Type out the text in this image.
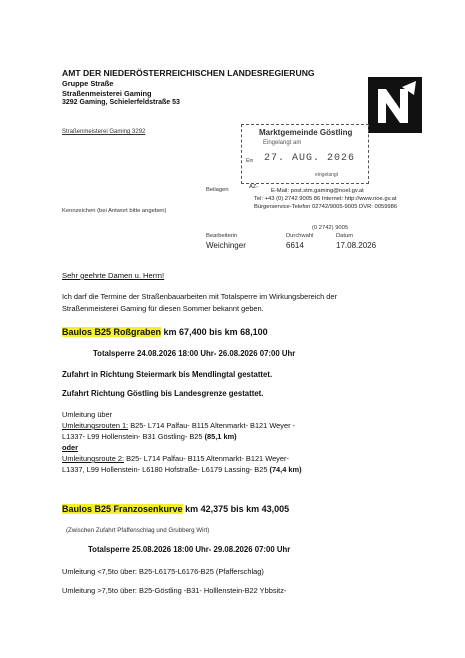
AMT DER NIEDERÖSTERREICHISCHEN LANDESREGIERUNG
Gruppe Straße
Straßenmeisterei Gaming
3292 Gaming, Schielerfeldstraße 53
Straßenmeisterei Gaming 3292	Marktgemeinde Göstling
Eingelangt am
Ein 27. AUG. 2026
eingelangt
Beilagen
Kennzeichen (bei Antwort bitte angeben)
AZ-
E-Mail: post.stm.gaming@noel.gv.at
Tel: +43 (0) 2742 9005 86 Internet: http://www.noe.gv.at
Bürgerservice-Telefon 02742/9005-9005 DVR: 0059986
(0 2742) 9005
Bearbeiterin	Durchwahl	Datum
Weichinger	6614	17.08.2026
Sehr geehrte Damen u. Herrn!
Ich darf die Termine der Straßenbauarbeiten mit Totalsperre im Wirkungsbereich der
Straßenmeisterei Gaming für diesen Sommer bekannt geben.
Baulos B25 Roßgraben km 67,400 bis km 68,100
Totalsperre 24.08.2026 18:00 Uhr- 26.08.2026 07:00 Uhr
Zufahrt in Richtung Steiermark bis Mendlingtal gestattet.
Zufahrt Richtung Göstling bis Landesgrenze gestattet.
Umleitung über
Umleitungsrouten 1: B25- L714 Palfau- B115 Altenmarkt- B121 Weyer -
L1337- L99 Hollenstein- B31 Göstling- B25 (85,1 km)
oder
Umleitungsroute 2: B25- L714 Palfau- B115 Altenmarkt- B121 Weyer-
L1337, L99 Hollenstein- L6180 Hofstraße- L6179 Lassing- B25 (74,4 km)
Baulos B25 Franzosenkurve km 42,375 bis km 43,005
(Zwischen Zufahrt Pfaffenschlag und Grubberg Wirt)
Totalsperre 25.08.2026 18:00 Uhr- 29.08.2026 07:00 Uhr
Umleitung <7,5to über: B25-L6175-L6176-B25 (Pfafferschlag)
Umleitung >7,5to über: B25-Göstling -B31- Holllenstein-B22 Ybbsitz-
